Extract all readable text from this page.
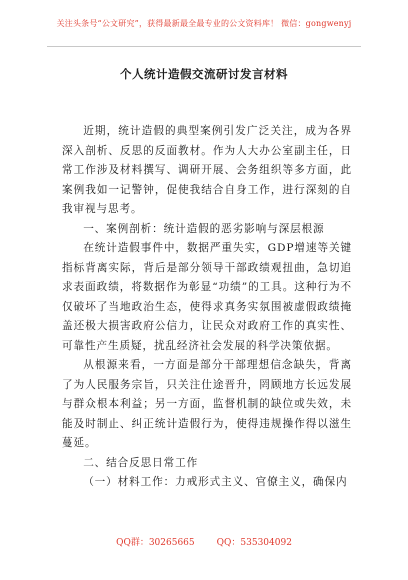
关注头条号“公文研究”，获得最新最全最专业的公文资料库！ 微信：gongwenyj
个人统计造假交流研讨发言材料

近期，统计造假的典型案例引发广泛关注，成为各界深入剖析、反思的反面教材。作为人大办公室副主任，日常工作涉及材料撰写、调研开展、会务组织等多方面，此案例我如一记警钟，促使我结合自身工作，进行深刻的自我审视与思考。

一、案例剖析：统计造假的恶劣影响与深层根源

在统计造假事件中，数据严重失实，GDP增速等关键指标背离实际，背后是部分领导干部政绩观扭曲，急切追求表面政绩，将数据作为彰显“功绩”的工具。这种行为不仅破坏了当地政治生态，使得求真务实氛围被虚假政绩掩盖还极大损害政府公信力，让民众对政府工作的真实性、可靠性产生质疑，扰乱经济社会发展的科学决策依据。

从根源来看，一方面是部分干部理想信念缺失，背离了为人民服务宗旨，只关注仕途晋升，罔顾地方长远发展与群众根本利益；另一方面，监督机制的缺位或失效，未能及时制止、纠正统计造假行为，使得违规操作得以滋生蔓延。

二、结合反思日常工作

（一）材料工作：力戒形式主义、官僚主义，确保内

QQ群：30265665 QQ：535304092
